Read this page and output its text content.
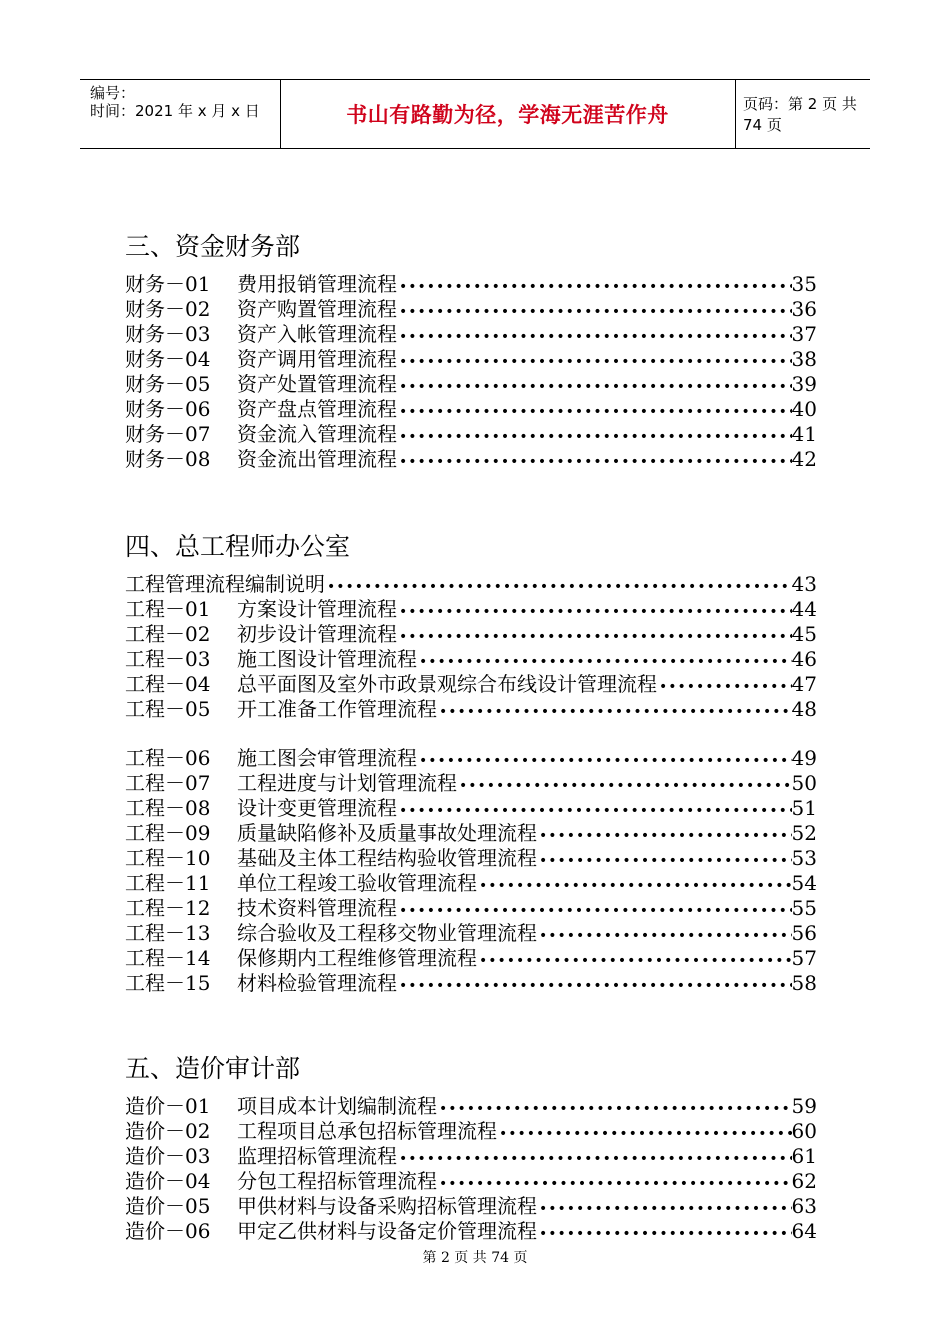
编号：
时间：2021 年 x 月 x 日	书山有路勤为径，学海无涯苦作舟	页码：第 2 页 共 74 页
三、资金财务部
财务－01	费用报销管理流程 •••••	35
财务－02	资产购置管理流程 •••••	36
财务－03	资产入帐管理流程 •••••	37
财务－04	资产调用管理流程 •••••	38
财务－05	资产处置管理流程 •••••	39
财务－06	资产盘点管理流程 •••••	40
财务－07	资金流入管理流程 •••••	41
财务－08	资金流出管理流程 •••••	42
四、总工程师办公室
工程管理流程编制说明 •••••	43
工程－01	方案设计管理流程 •••••	44
工程－02	初步设计管理流程 •••••	45
工程－03	施工图设计管理流程 •••••	46
工程－04	总平面图及室外市政景观综合布线设计管理流程 •••••	47
工程－05	开工准备工作管理流程 •••••	48
工程－06	施工图会审管理流程 •••••	49
工程－07	工程进度与计划管理流程 •••••	50
工程－08	设计变更管理流程 •••••	51
工程－09	质量缺陷修补及质量事故处理流程 •••••	52
工程－10	基础及主体工程结构验收管理流程 •••••	53
工程－11	单位工程竣工验收管理流程 •••••	54
工程－12	技术资料管理流程 •••••	55
工程－13	综合验收及工程移交物业管理流程 •••••	56
工程－14	保修期内工程维修管理流程 •••••	57
工程－15	材料检验管理流程 •••••	58
五、造价审计部
造价－01	项目成本计划编制流程 •••••	59
造价－02	工程项目总承包招标管理流程 •••••	60
造价－03	监理招标管理流程 •••••	61
造价－04	分包工程招标管理流程 •••••	62
造价－05	甲供材料与设备采购招标管理流程 •••••	63
造价－06	甲定乙供材料与设备定价管理流程 •••••	64
第 2 页 共 74 页
